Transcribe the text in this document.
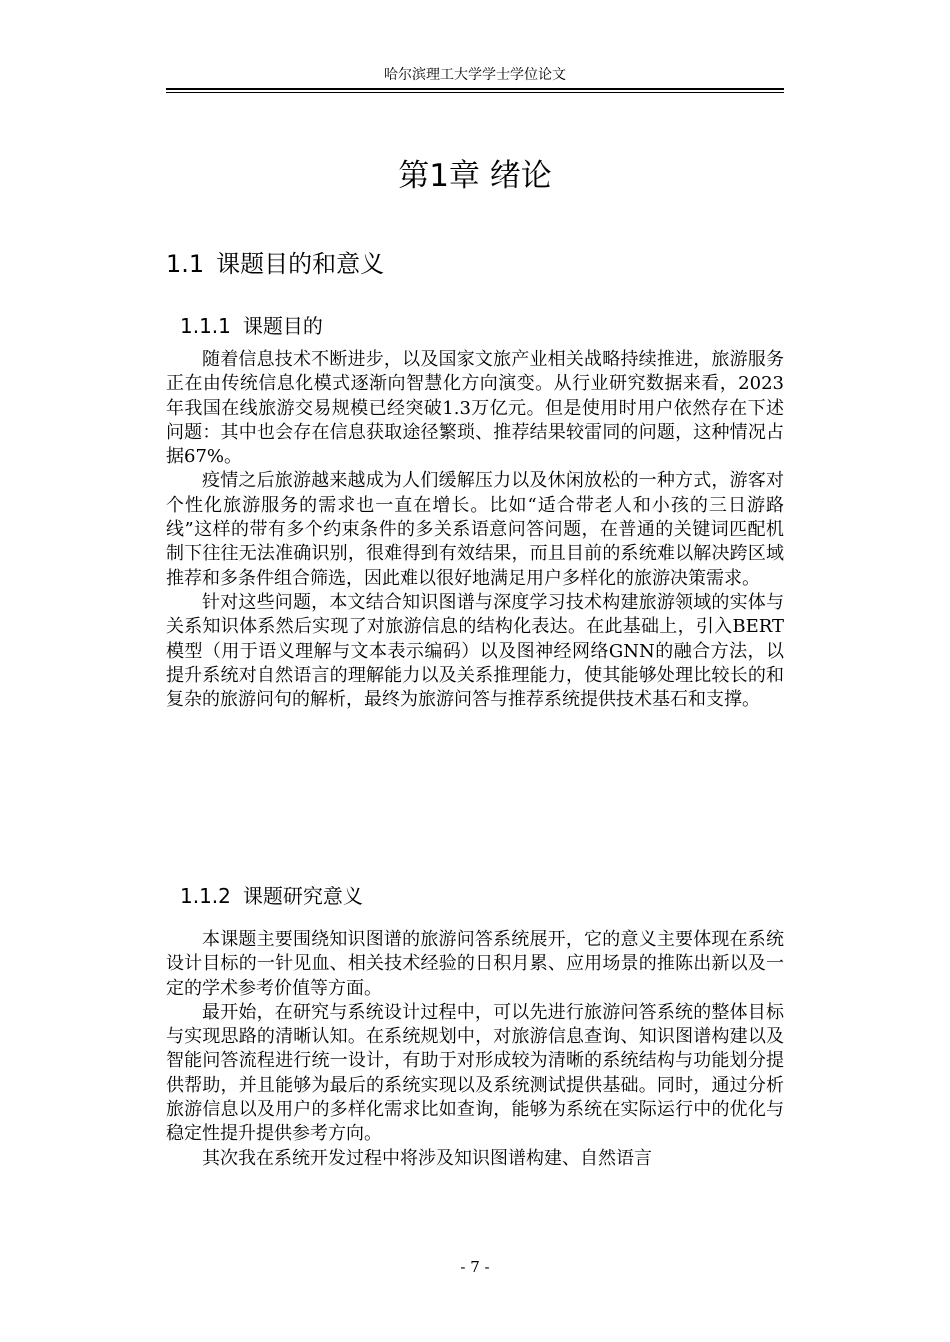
哈尔滨理工大学学士学位论文
第1章 绪论
1.1 课题目的和意义
1.1.1 课题目的

随着信息技术不断进步，以及国家文旅产业相关战略持续推进，旅游服务正在由传统信息化模式逐渐向智慧化方向演变。从行业研究数据来看，2023年我国在线旅游交易规模已经突破1.3万亿元。但是使用时用户依然存在下述问题：其中也会存在信息获取途径繁琐、推荐结果较雷同的问题，这种情况占据67%。

疫情之后旅游越来越成为人们缓解压力以及休闲放松的一种方式，游客对个性化旅游服务的需求也一直在增长。比如“适合带老人和小孩的三日游路线”这样的带有多个约束条件的多关系语意问答问题，在普通的关键词匹配机制下往往无法准确识别，很难得到有效结果，而且目前的系统难以解决跨区域推荐和多条件组合筛选，因此难以很好地满足用户多样化的旅游决策需求。

针对这些问题，本文结合知识图谱与深度学习技术构建旅游领域的实体与关系知识体系然后实现了对旅游信息的结构化表达。在此基础上，引入BERT模型（用于语义理解与文本表示编码）以及图神经网络GNN的融合方法，以提升系统对自然语言的理解能力以及关系推理能力，使其能够处理比较长的和复杂的旅游问句的解析，最终为旅游问答与推荐系统提供技术基石和支撑。

1.1.2 课题研究意义

本课题主要围绕知识图谱的旅游问答系统展开，它的意义主要体现在系统设计目标的一针见血、相关技术经验的日积月累、应用场景的推陈出新以及一定的学术参考价值等方面。

最开始，在研究与系统设计过程中，可以先进行旅游问答系统的整体目标与实现思路的清晰认知。在系统规划中，对旅游信息查询、知识图谱构建以及智能问答流程进行统一设计，有助于对形成较为清晰的系统结构与功能划分提供帮助，并且能够为最后的系统实现以及系统测试提供基础。同时，通过分析旅游信息以及用户的多样化需求比如查询，能够为系统在实际运行中的优化与稳定性提升提供参考方向。

其次我在系统开发过程中将涉及知识图谱构建、自然语言

- 7 -
